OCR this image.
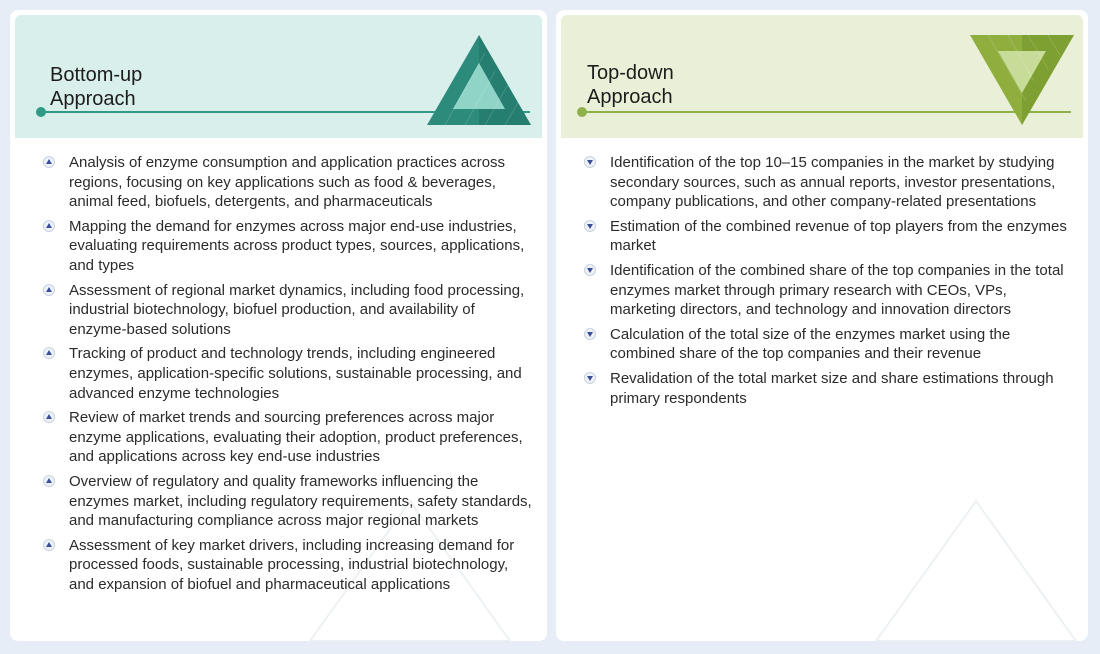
Bottom-up
Approach
Analysis of enzyme consumption and application practices across regions, focusing on key applications such as food & beverages, animal feed, biofuels, detergents, and pharmaceuticals
Mapping the demand for enzymes across major end-use industries, evaluating requirements across product types, sources, applications, and types
Assessment of regional market dynamics, including food processing, industrial biotechnology, biofuel production, and availability of enzyme-based solutions
Tracking of product and technology trends, including engineered enzymes, application-specific solutions, sustainable processing, and advanced enzyme technologies
Review of market trends and sourcing preferences across major enzyme applications, evaluating their adoption, product preferences, and applications across key end-use industries
Overview of regulatory and quality frameworks influencing the enzymes market, including regulatory requirements, safety standards, and manufacturing compliance across major regional markets
Assessment of key market drivers, including increasing demand for processed foods, sustainable processing, industrial biotechnology, and expansion of biofuel and pharmaceutical applications
Top-down
Approach
Identification of the top 10–15 companies in the market by studying secondary sources, such as annual reports, investor presentations, company publications, and other company-related presentations
Estimation of the combined revenue of top players from the enzymes market
Identification of the combined share of the top companies in the total enzymes market through primary research with CEOs, VPs, marketing directors, and technology and innovation directors
Calculation of the total size of the enzymes market using the combined share of the top companies and their revenue
Revalidation of the total market size and share estimations through primary respondents
